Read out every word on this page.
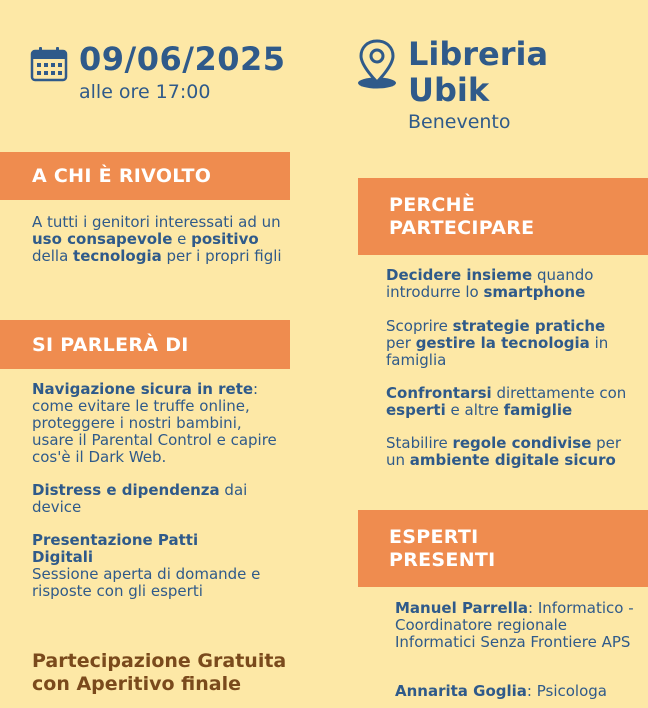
09/06/2025
alle ore 17:00
Libreria
Ubik
Benevento
A CHI È RIVOLTO
A tutti i genitori interessati ad un uso consapevole e positivo della tecnologia per i propri figli
SI PARLERÀ DI
Navigazione sicura in rete: come evitare le truffe online, proteggere i nostri bambini, usare il Parental Control e capire cos'è il Dark Web.
Distress e dipendenza dai device
Presentazione Patti Digitali
Sessione aperta di domande e risposte con gli esperti
PERCHÈ
PARTECIPARE
Decidere insieme quando introdurre lo smartphone
Scoprire strategie pratiche per gestire la tecnologia in famiglia
Confrontarsi direttamente con esperti e altre famiglie
Stabilire regole condivise per un ambiente digitale sicuro
ESPERTI
PRESENTI
Manuel Parrella: Informatico - Coordinatore regionale Informatici Senza Frontiere APS
Annarita Goglia: Psicologa
Partecipazione Gratuita
con Aperitivo finale
